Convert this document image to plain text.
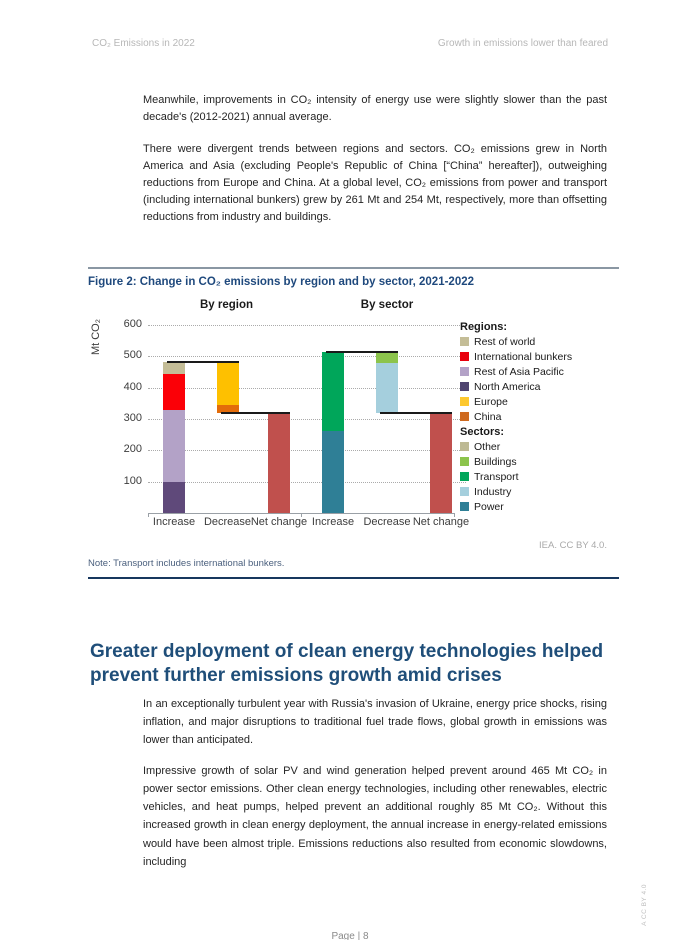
CO₂ Emissions in 2022	Growth in emissions lower than feared
Meanwhile, improvements in CO₂ intensity of energy use were slightly slower than the past decade's (2012-2021) annual average.
There were divergent trends between regions and sectors. CO₂ emissions grew in North America and Asia (excluding People's Republic of China [“China” hereafter]), outweighing reductions from Europe and China. At a global level, CO₂ emissions from power and transport (including international bunkers) grew by 261 Mt and 254 Mt, respectively, more than offsetting reductions from industry and buildings.
Figure 2: Change in CO₂ emissions by region and by sector, 2021-2022
Mt CO₂	Regions:
Rest of world
International bunkers
Rest of Asia Pacific
North America
Europe
China
Sectors:
Other
Buildings
Transport
Industry
Power
600
500
400
300
200
100
By region
Increase Decrease Net change
By sector
Increase Decrease Net change
IEA. CC BY 4.0.
Note: Transport includes international bunkers.
Greater deployment of clean energy technologies helped prevent further emissions growth amid crises
In an exceptionally turbulent year with Russia's invasion of Ukraine, energy price shocks, rising inflation, and major disruptions to traditional fuel trade flows, global growth in emissions was lower than anticipated.
Impressive growth of solar PV and wind generation helped prevent around 465 Mt CO₂ in power sector emissions. Other clean energy technologies, including other renewables, electric vehicles, and heat pumps, helped prevent an additional roughly 85 Mt CO₂. Without this increased growth in clean energy deployment, the annual increase in energy-related emissions would have been almost triple. Emissions reductions also resulted from economic slowdowns, including
Page | 8
A CC BY 4.0
